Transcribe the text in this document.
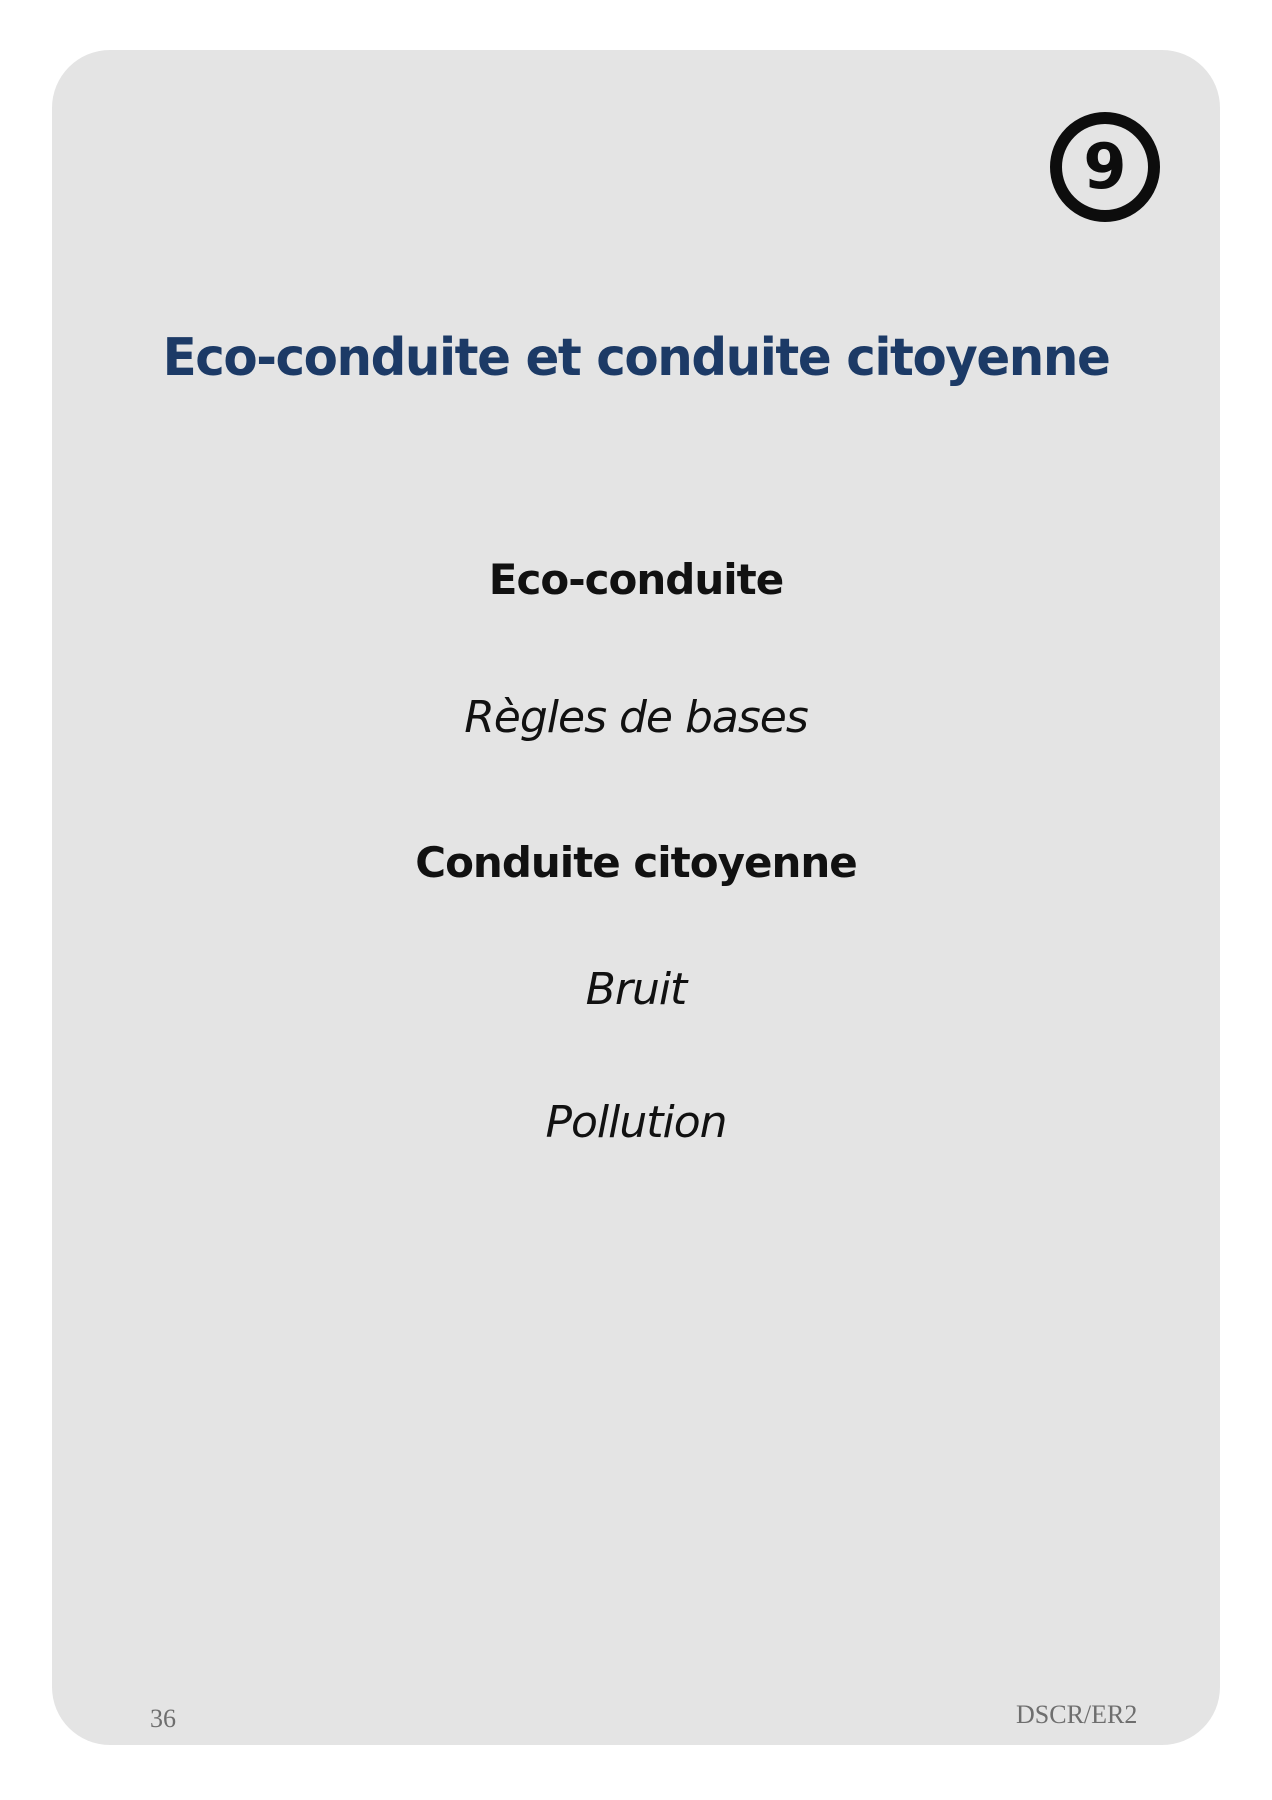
9
Eco-conduite et conduite citoyenne
Eco-conduite
Règles de bases
Conduite citoyenne
Bruit
Pollution
36	DSCR/ER2
